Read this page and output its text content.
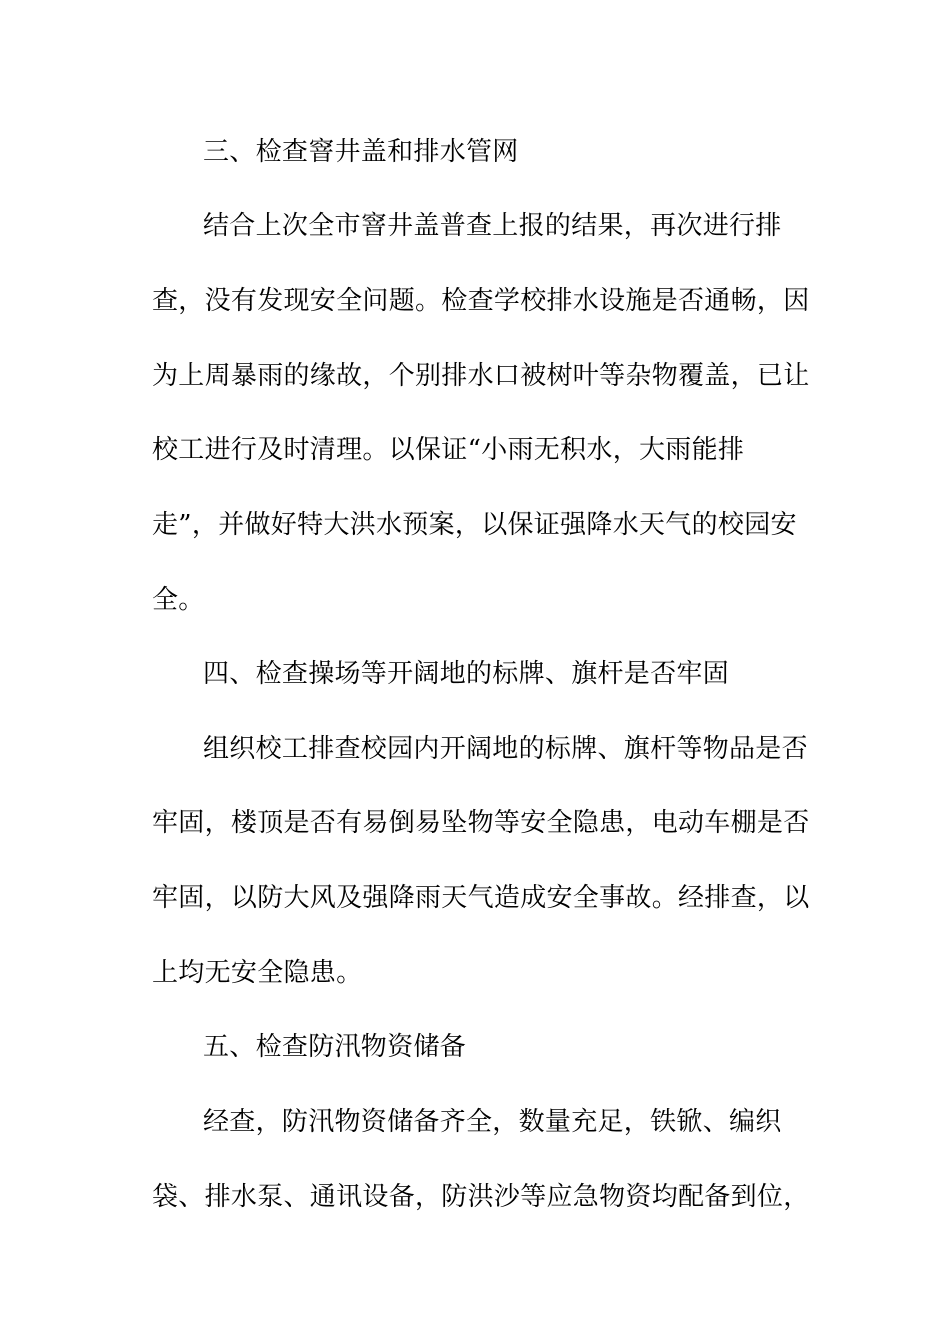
三、检查窨井盖和排水管网
结合上次全市窨井盖普查上报的结果，再次进行排
查，没有发现安全问题。检查学校排水设施是否通畅，因
为上周暴雨的缘故，个别排水口被树叶等杂物覆盖，已让
校工进行及时清理。以保证“小雨无积水，大雨能排
走”，并做好特大洪水预案，以保证强降水天气的校园安
全。
四、检查操场等开阔地的标牌、旗杆是否牢固
组织校工排查校园内开阔地的标牌、旗杆等物品是否
牢固，楼顶是否有易倒易坠物等安全隐患，电动车棚是否
牢固，以防大风及强降雨天气造成安全事故。经排查，以
上均无安全隐患。
五、检查防汛物资储备
经查，防汛物资储备齐全，数量充足，铁锨、编织
袋、排水泵、通讯设备，防洪沙等应急物资均配备到位，
